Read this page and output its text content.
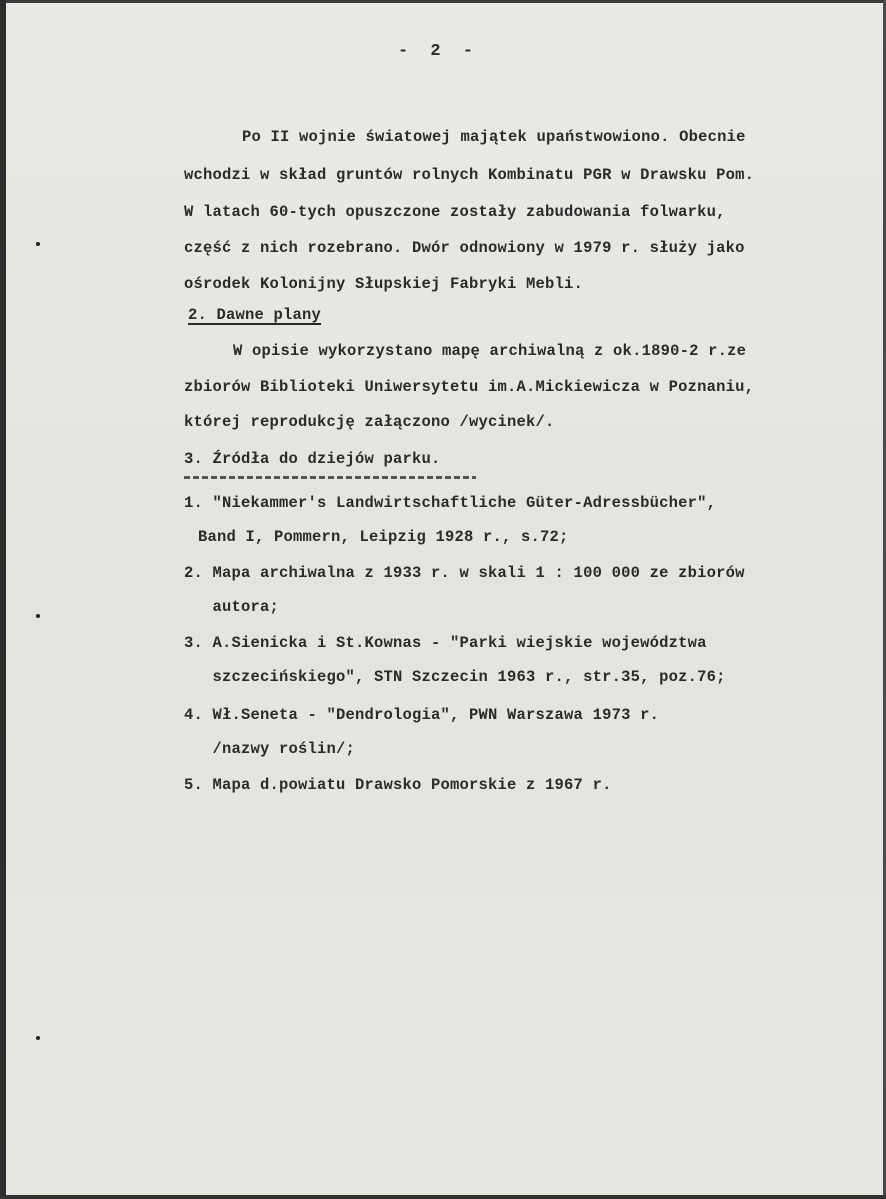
- 2 -
Po II wojnie światowej majątek upaństwowiono. Obecnie
wchodzi w skład gruntów rolnych Kombinatu PGR w Drawsku Pom.
W latach 60-tych opuszczone zostały zabudowania folwarku,
część z nich rozebrano. Dwór odnowiony w 1979 r. służy jako
ośrodek Kolonijny Słupskiej Fabryki Mebli.
2. Dawne plany
W opisie wykorzystano mapę archiwalną z ok.1890-2 r.ze
zbiorów Biblioteki Uniwersytetu im.A.Mickiewicza w Poznaniu,
której reprodukcję załączono /wycinek/.
3. Źródła do dziejów parku.
1. "Niekammer's Landwirtschaftliche Güter-Adressbücher",
Band I, Pommern, Leipzig 1928 r., s.72;
2. Mapa archiwalna z 1933 r. w skali 1 : 100 000 ze zbiorów
autora;
3. A.Sienicka i St.Kownas - "Parki wiejskie województwa
szczecińskiego", STN Szczecin 1963 r., str.35, poz.76;
4. Wł.Seneta - "Dendrologia", PWN Warszawa 1973 r.
/nazwy roślin/;
5. Mapa d.powiatu Drawsko Pomorskie z 1967 r.
